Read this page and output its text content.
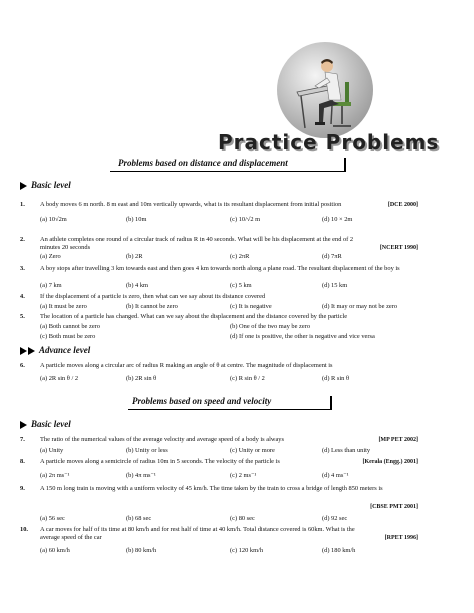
Practice Problems
Problems based on distance and displacement
Basic level
1. A body moves 6 m north. 8 m east and 10m vertically upwards, what is its resultant displacement from initial position	[DCE 2000]
(a) 10√2m	(b) 10m	(c) 10/√2 m	(d) 10 × 2m
2. An athlete completes one round of a circular track of radius R in 40 seconds. What will be his displacement at the end of 2 minutes 20 seconds	[NCERT 1990]
(a) Zero	(b) 2R	(c) 2πR	(d) 7πR
3. A boy stops after travelling 3 km towards east and then goes 4 km towards north along a plane road. The resultant displacement of the boy is
(a) 7 km	(b) 4 km	(c) 5 km	(d) 15 km
4. If the displacement of a particle is zero, then what can we say about its distance covered
(a) It must be zero	(b) It cannot be zero	(c) It is negative	(d) It may or may not be zero
5. The location of a particle has changed. What can we say about the displacement and the distance covered by the particle
(a) Both cannot be zero	(b) One of the two may be zero
(c) Both must be zero	(d) If one is positive, the other is negative and vice versa
Advance level
6. A particle moves along a circular arc of radius R making an angle of θ at centre. The magnitude of displacement is
(a) 2R sin θ / 2	(b) 2R sin θ	(c) R sin θ / 2	(d) R sin θ
Problems based on speed and velocity
Basic level
7. The ratio of the numerical values of the average velocity and average speed of a body is always	[MP PET 2002]
(a) Unity	(b) Unity or less	(c) Unity or more	(d) Less than unity
8. A particle moves along a semicircle of radius 10m in 5 seconds. The velocity of the particle is	[Kerala (Engg.) 2001]
(a) 2π ms⁻¹	(b) 4π ms⁻¹	(c) 2 ms⁻¹	(d) 4 ms⁻¹
9. A 150 m long train is moving with a uniform velocity of 45 km/h. The time taken by the train to cross a bridge of length 850 meters is
[CBSE PMT 2001]
(a) 56 sec	(b) 68 sec	(c) 80 sec	(d) 92 sec
10. A car moves for half of its time at 80 km/h and for rest half of time at 40 km/h. Total distance covered is 60km. What is the average speed of the car	[RPET 1996]
(a) 60 km/h	(b) 80 km/h	(c) 120 km/h	(d) 180 km/h
